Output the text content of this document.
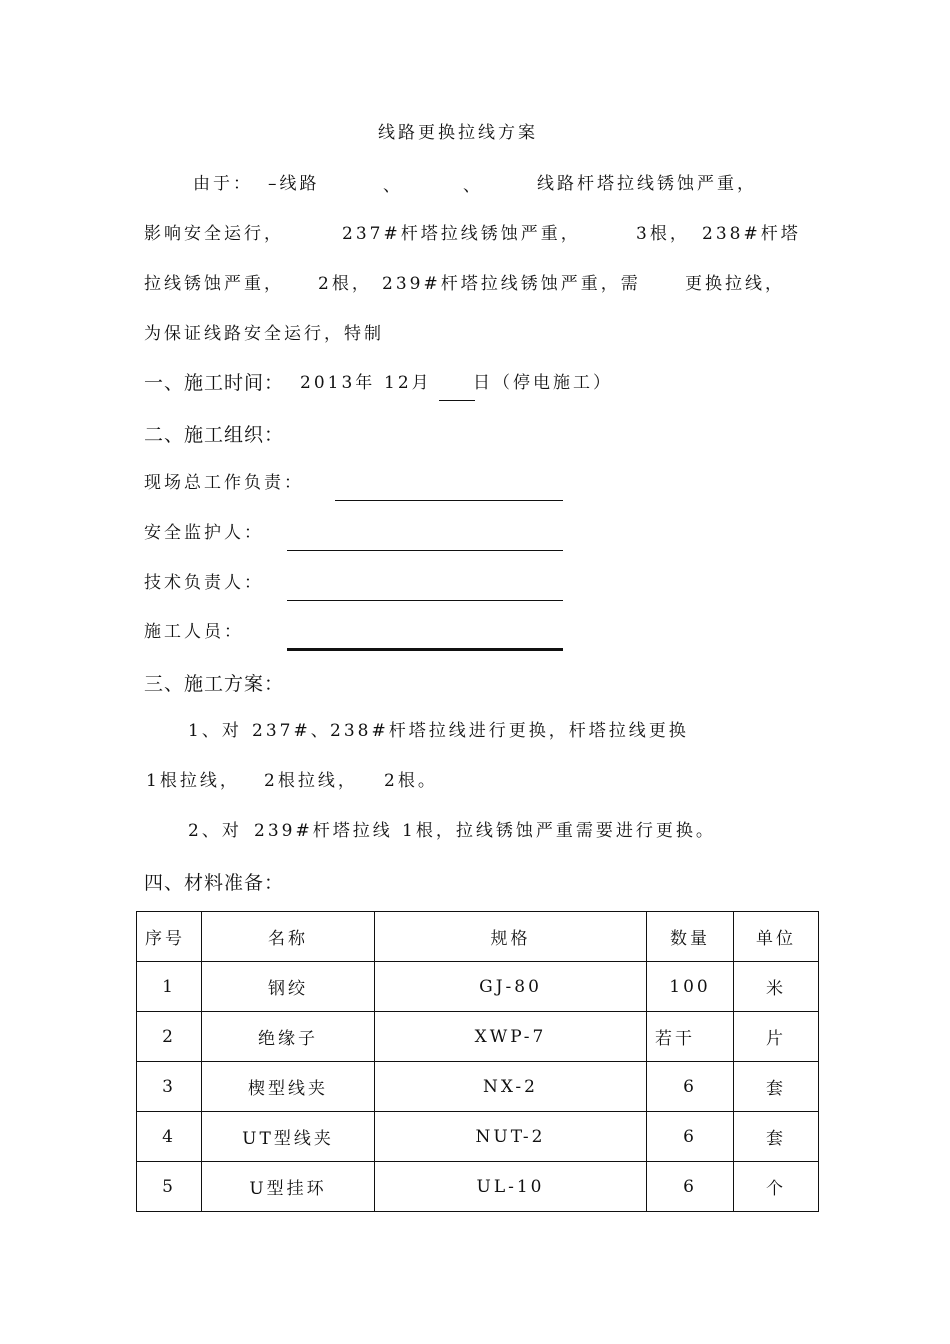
线路更换拉线方案
由于： –线路	、	、	线路杆塔拉线锈蚀严重，
影响安全运行，	237#杆塔拉线锈蚀严重，	3根， 238#杆塔
拉线锈蚀严重， 2根， 239#杆塔拉线锈蚀严重，需	更换拉线，
为保证线路安全运行，特制
一、施工时间： 2013年 12月 日（停电施工）
二、施工组织：
现场总工作负责：
安全监护人：
技术负责人：
施工人员：
三、施工方案：
1、对 237#、 238#杆塔拉线进行更换，杆塔拉线更换
1根拉线， 2根拉线， 2根。
2、对 239#杆塔拉线 1根，拉线锈蚀严重需要进行更换。
四、材料准备：
序号	名称	规格	数量	单位
1	钢绞	GJ-80	100	米
2	绝缘子	XWP-7	若干	片
3	楔型线夹	NX-2	6	套
4	UT型线夹	NUT-2	6	套
5	U型挂环	UL-10	6	个
